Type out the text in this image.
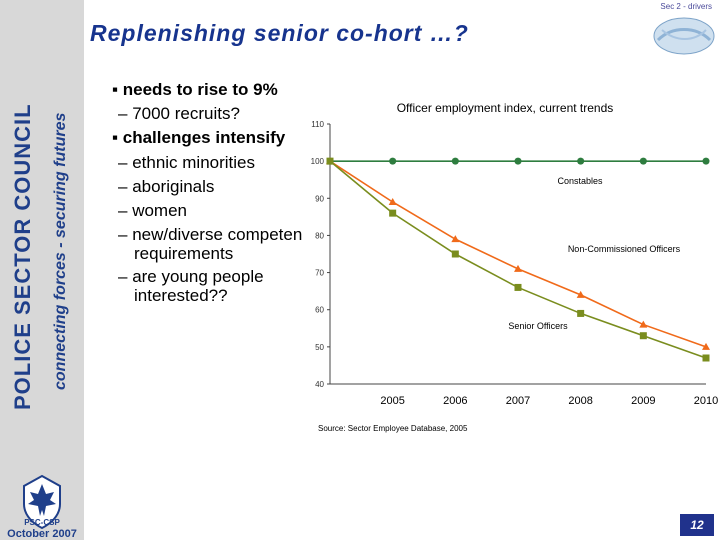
POLICE SECTOR COUNCIL connecting forces - securing futures
PSC-CSP
October 2007
Replenishing senior co-hort …?
Sec 2 - drivers
▪ needs to rise to 9%
– 7000 recruits?
▪ challenges intensify
– ethnic minorities
– aboriginals
– women
– new/diverse competen
requirements
– are young people
interested??
Officer employment index, current trends
40
50
60
70
80
90
100
110
2005	2006	2007	2008	2009	2010
Constables
Non-Commissioned Officers
Senior Officers
Source: Sector Employee Database, 2005
12
